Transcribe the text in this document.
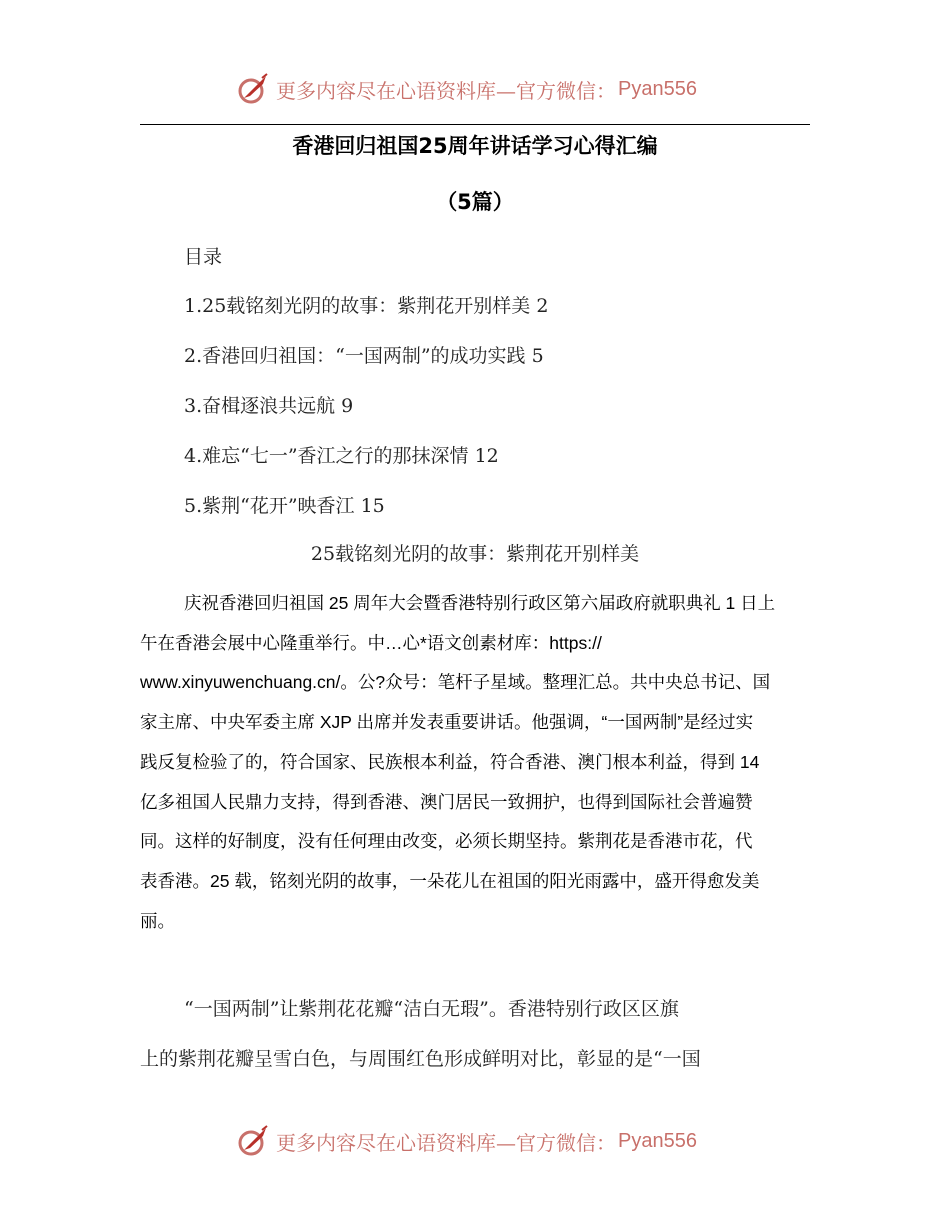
更多内容尽在心语资料库—官方微信： Pyan556
香港回归祖国25周年讲话学习心得汇编
（5篇）
目录
1.25载铭刻光阴的故事：紫荆花开别样美 2
2.香港回归祖国：“一国两制”的成功实践 5
3.奋楫逐浪共远航 9
4.难忘“七一”香江之行的那抹深情 12
5.紫荆“花开”映香江 15
25载铭刻光阴的故事：紫荆花开别样美

庆祝香港回归祖国 25 周年大会暨香港特别行政区第六届政府就职典礼 1 日上
午在香港会展中心隆重举行。中…心*语文创素材库：https://
www.xinyuwenchuang.cn/。公?众号：笔杆子星域。整理汇总。共中央总书记、国
家主席、中央军委主席 XJP 出席并发表重要讲话。他强调，“一国两制”是经过实
践反复检验了的，符合国家、民族根本利益，符合香港、澳门根本利益，得到 14
亿多祖国人民鼎力支持，得到香港、澳门居民一致拥护，也得到国际社会普遍赞
同。这样的好制度，没有任何理由改变，必须长期坚持。紫荆花是香港市花，代
表香港。25 载，铭刻光阴的故事，一朵花儿在祖国的阳光雨露中，盛开得愈发美
丽。

“一国两制”让紫荆花花瓣“洁白无瑕”。香港特别行政区区旗
上的紫荆花瓣呈雪白色，与周围红色形成鲜明对比，彰显的是“一国

更多内容尽在心语资料库—官方微信： Pyan556
